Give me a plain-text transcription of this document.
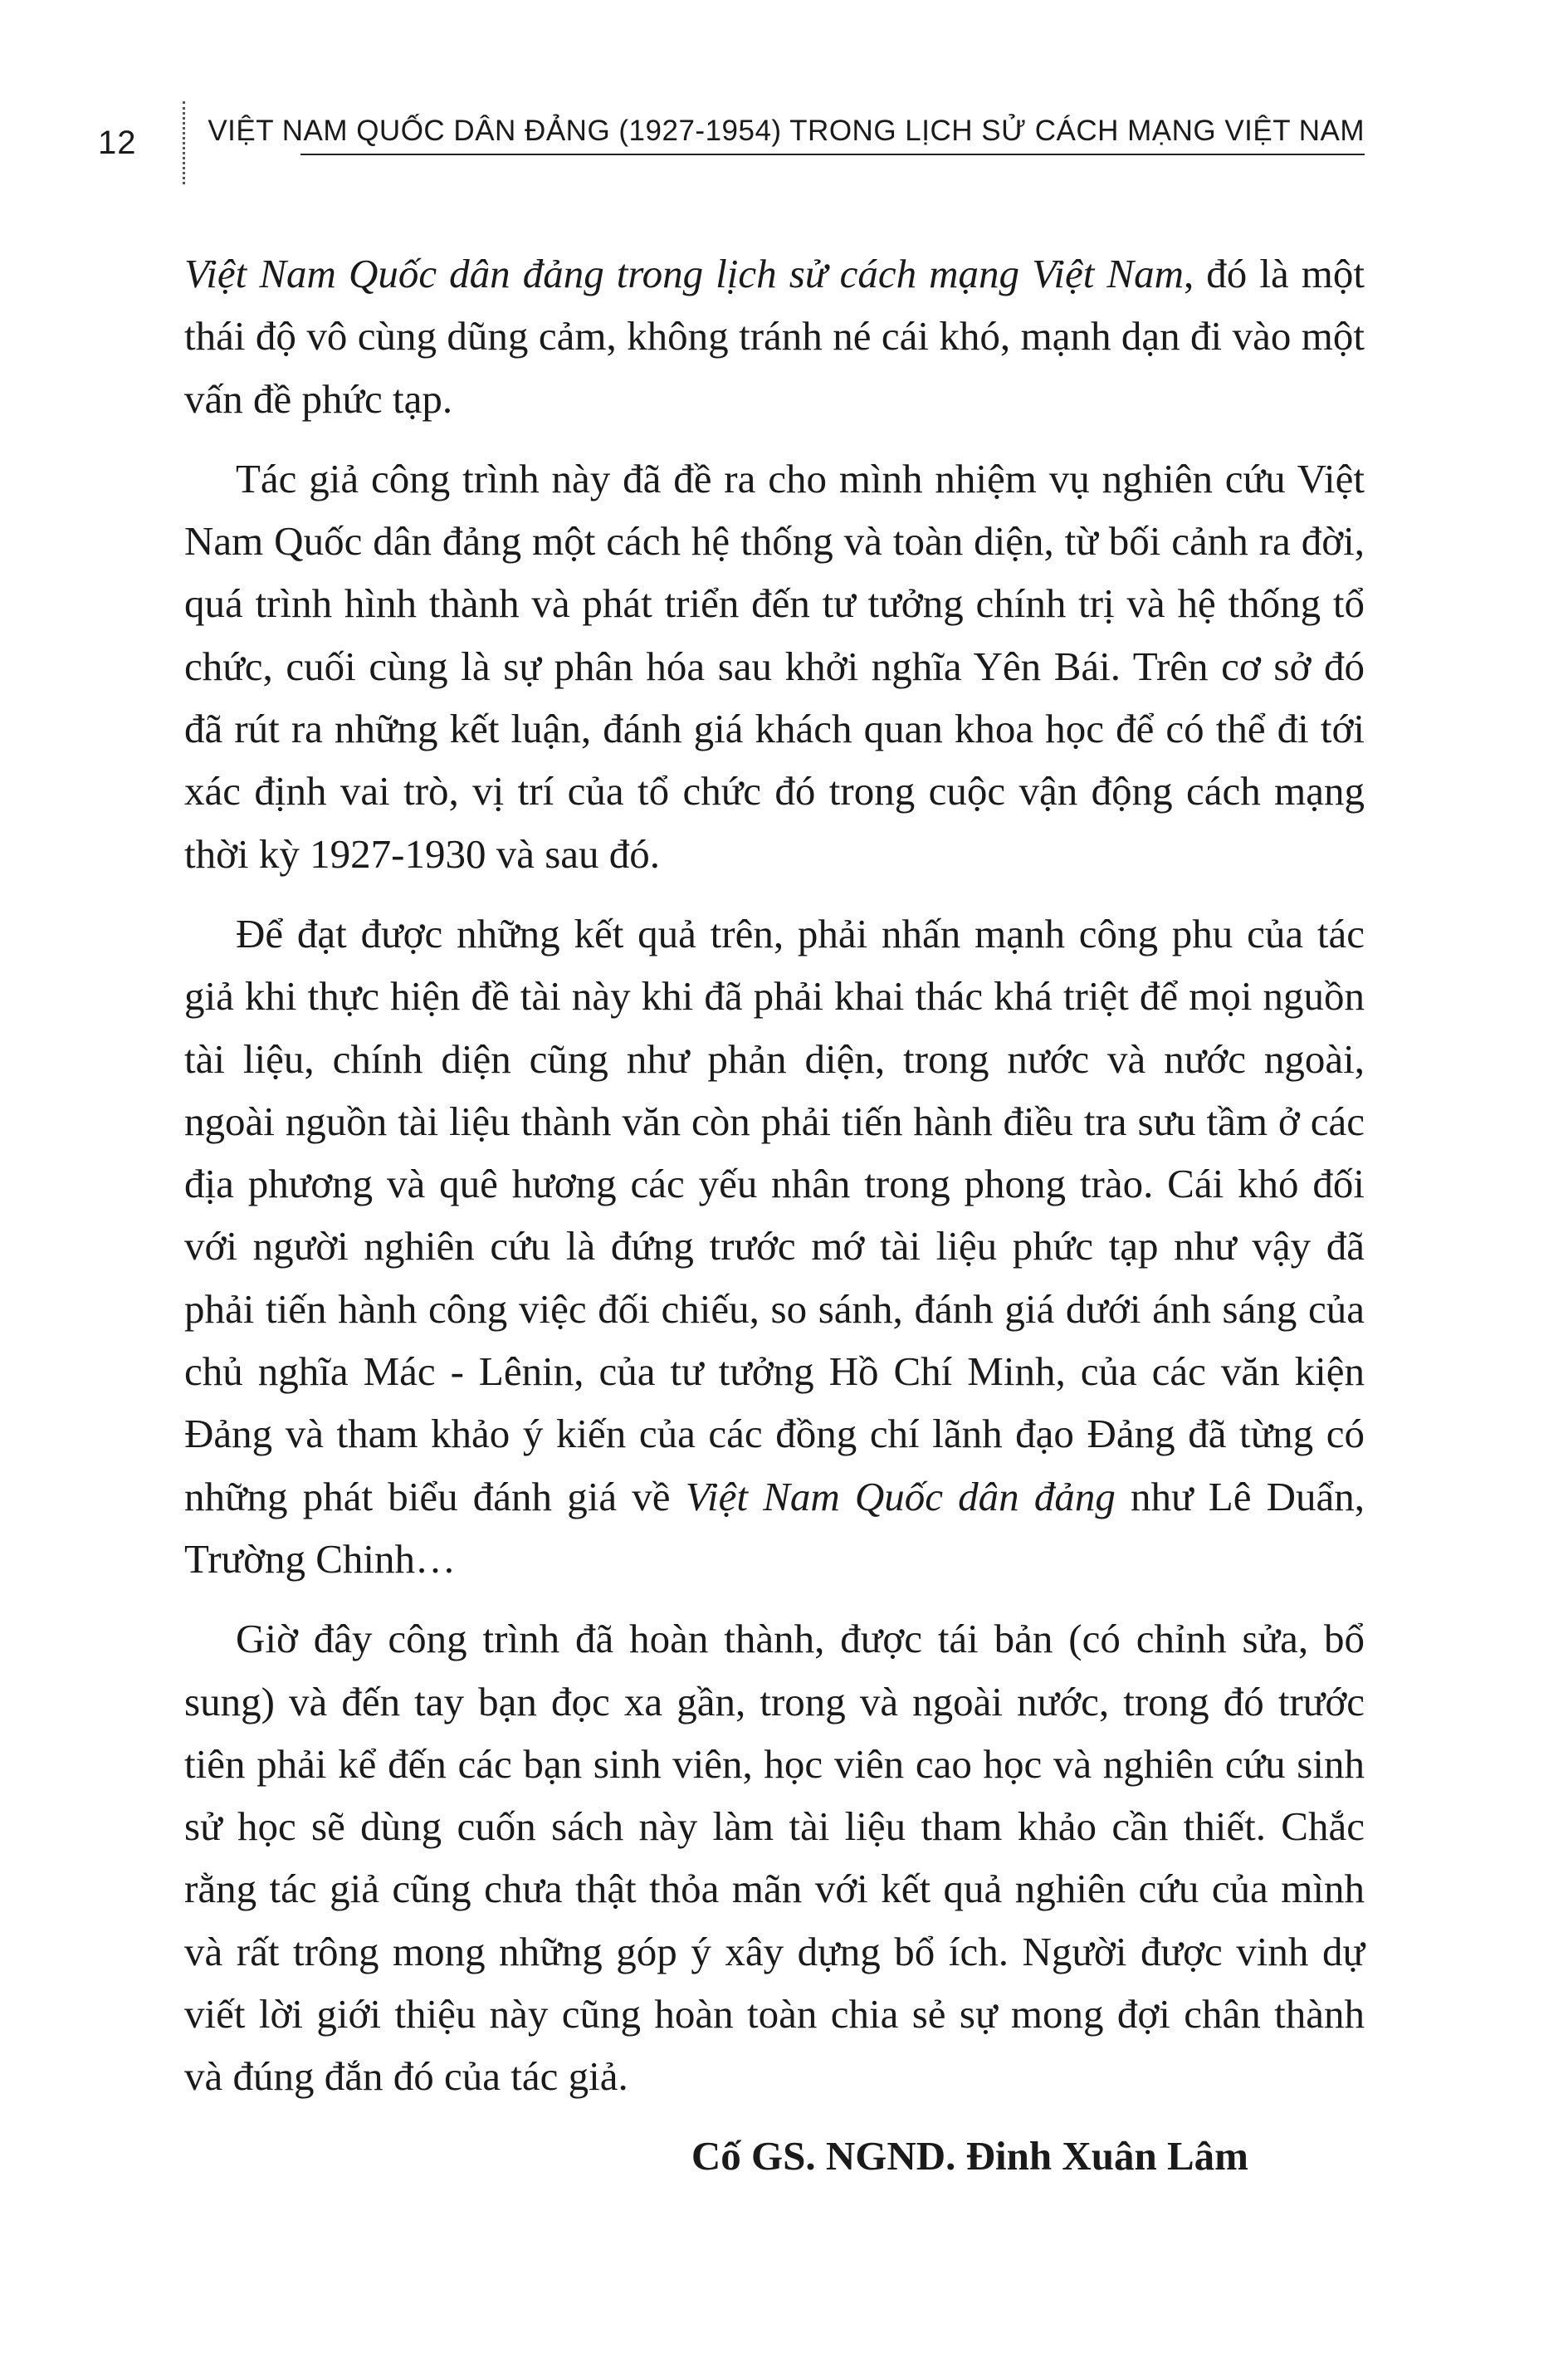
12 VIỆT NAM QUỐC DÂN ĐẢNG (1927-1954) TRONG LỊCH SỬ CÁCH MẠNG VIỆT NAM

Việt Nam Quốc dân đảng trong lịch sử cách mạng Việt Nam, đó là một thái độ vô cùng dũng cảm, không tránh né cái khó, mạnh dạn đi vào một vấn đề phức tạp.

Tác giả công trình này đã đề ra cho mình nhiệm vụ nghiên cứu Việt Nam Quốc dân đảng một cách hệ thống và toàn diện, từ bối cảnh ra đời, quá trình hình thành và phát triển đến tư tưởng chính trị và hệ thống tổ chức, cuối cùng là sự phân hóa sau khởi nghĩa Yên Bái. Trên cơ sở đó đã rút ra những kết luận, đánh giá khách quan khoa học để có thể đi tới xác định vai trò, vị trí của tổ chức đó trong cuộc vận động cách mạng thời kỳ 1927-1930 và sau đó.

Để đạt được những kết quả trên, phải nhấn mạnh công phu của tác giả khi thực hiện đề tài này khi đã phải khai thác khá triệt để mọi nguồn tài liệu, chính diện cũng như phản diện, trong nước và nước ngoài, ngoài nguồn tài liệu thành văn còn phải tiến hành điều tra sưu tầm ở các địa phương và quê hương các yếu nhân trong phong trào. Cái khó đối với người nghiên cứu là đứng trước mớ tài liệu phức tạp như vậy đã phải tiến hành công việc đối chiếu, so sánh, đánh giá dưới ánh sáng của chủ nghĩa Mác - Lênin, của tư tưởng Hồ Chí Minh, của các văn kiện Đảng và tham khảo ý kiến của các đồng chí lãnh đạo Đảng đã từng có những phát biểu đánh giá về Việt Nam Quốc dân đảng như Lê Duẩn, Trường Chinh…

Giờ đây công trình đã hoàn thành, được tái bản (có chỉnh sửa, bổ sung) và đến tay bạn đọc xa gần, trong và ngoài nước, trong đó trước tiên phải kể đến các bạn sinh viên, học viên cao học và nghiên cứu sinh sử học sẽ dùng cuốn sách này làm tài liệu tham khảo cần thiết. Chắc rằng tác giả cũng chưa thật thỏa mãn với kết quả nghiên cứu của mình và rất trông mong những góp ý xây dựng bổ ích. Người được vinh dự viết lời giới thiệu này cũng hoàn toàn chia sẻ sự mong đợi chân thành và đúng đắn đó của tác giả.

Cố GS. NGND. Đinh Xuân Lâm
